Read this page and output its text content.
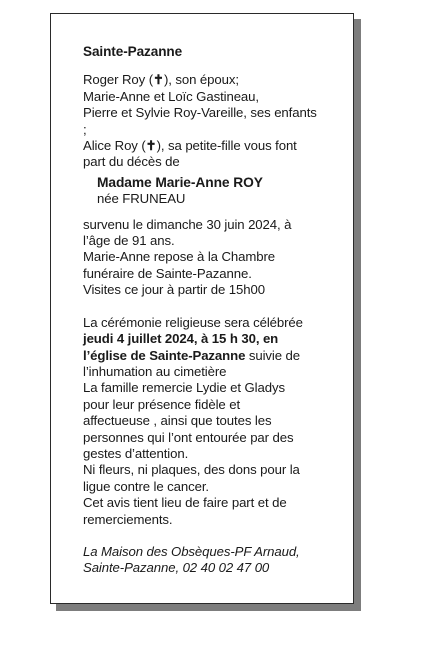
Sainte-Pazanne
Roger Roy (✝), son époux;
Marie-Anne et Loïc Gastineau,
Pierre et Sylvie Roy-Vareille, ses enfants
;
Alice Roy (✝), sa petite-fille vous font
part du décès de
Madame Marie-Anne ROY
née FRUNEAU
survenu le dimanche 30 juin 2024, à
l’âge de 91 ans.
Marie-Anne repose à la Chambre
funéraire de Sainte-Pazanne.
Visites ce jour à partir de 15h00
La cérémonie religieuse sera célébrée
jeudi 4 juillet 2024, à 15 h 30, en
l’église de Sainte-Pazanne suivie de
l’inhumation au cimetière
La famille remercie Lydie et Gladys
pour leur présence fidèle et
affectueuse , ainsi que toutes les
personnes qui l’ont entourée par des
gestes d’attention.
Ni fleurs, ni plaques, des dons pour la
ligue contre le cancer.
Cet avis tient lieu de faire part et de
remerciements.
La Maison des Obsèques-PF Arnaud,
Sainte-Pazanne, 02 40 02 47 00
